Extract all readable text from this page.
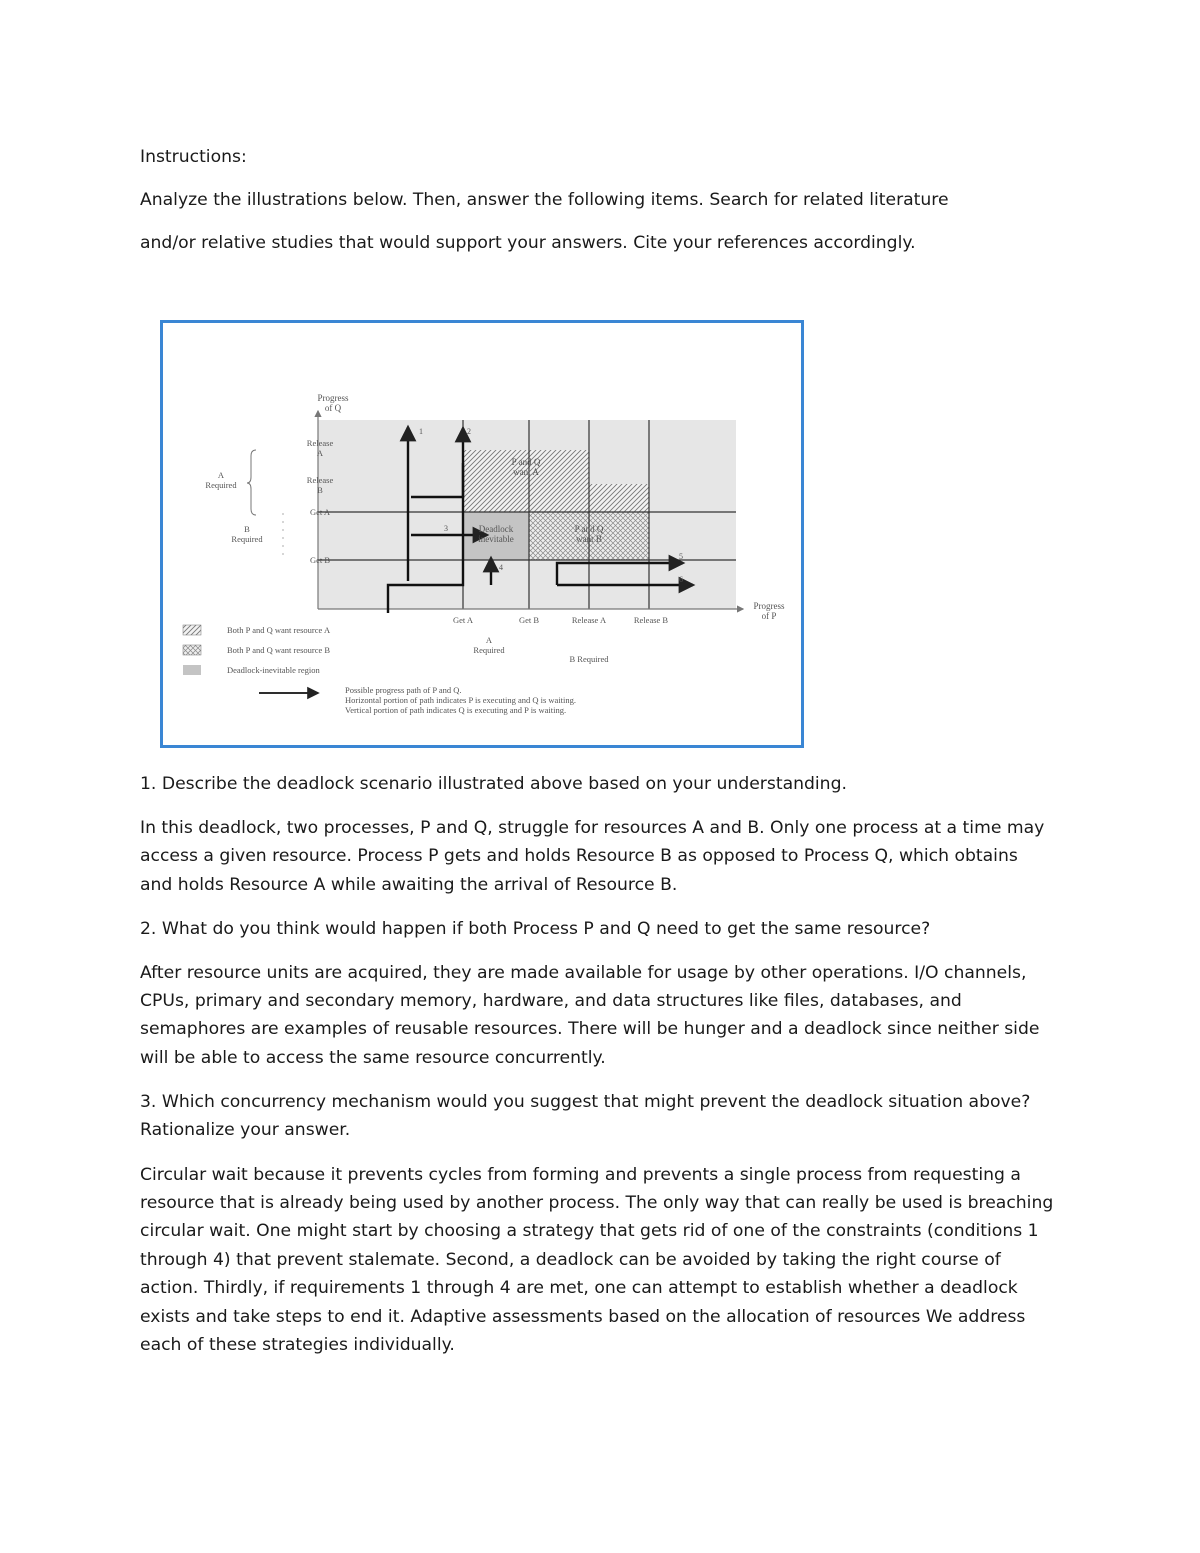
Instructions:

Analyze the illustrations below. Then, answer the following items. Search for related literature

and/or relative studies that would support your answers. Cite your references accordingly.

1	2
3
4
5
6
P and Q
want A
P and Q
want B
Deadlock
inevitable
Progress
of Q
Progress
of P
Release
A
Release
B
Get A
Get B
A
Required
B
Required
Get A	Get B	Release A	Release B
A
Required
B Required
Both P and Q want resource A
Both P and Q want resource B
Deadlock-inevitable region
Possible progress path of P and Q.
Horizontal portion of path indicates P is executing and Q is waiting.
Vertical portion of path indicates Q is executing and P is waiting.

1. Describe the deadlock scenario illustrated above based on your understanding.

In this deadlock, two processes, P and Q, struggle for resources A and B. Only one process at a time may

access a given resource. Process P gets and holds Resource B as opposed to Process Q, which obtains

and holds Resource A while awaiting the arrival of Resource B.

2. What do you think would happen if both Process P and Q need to get the same resource?

After resource units are acquired, they are made available for usage by other operations. I/O channels,

CPUs, primary and secondary memory, hardware, and data structures like files, databases, and

semaphores are examples of reusable resources. There will be hunger and a deadlock since neither side

will be able to access the same resource concurrently.

3. Which concurrency mechanism would you suggest that might prevent the deadlock situation above?

Rationalize your answer.

Circular wait because it prevents cycles from forming and prevents a single process from requesting a

resource that is already being used by another process. The only way that can really be used is breaching

circular wait. One might start by choosing a strategy that gets rid of one of the constraints (conditions 1

through 4) that prevent stalemate. Second, a deadlock can be avoided by taking the right course of

action. Thirdly, if requirements 1 through 4 are met, one can attempt to establish whether a deadlock

exists and take steps to end it. Adaptive assessments based on the allocation of resources We address

each of these strategies individually.
